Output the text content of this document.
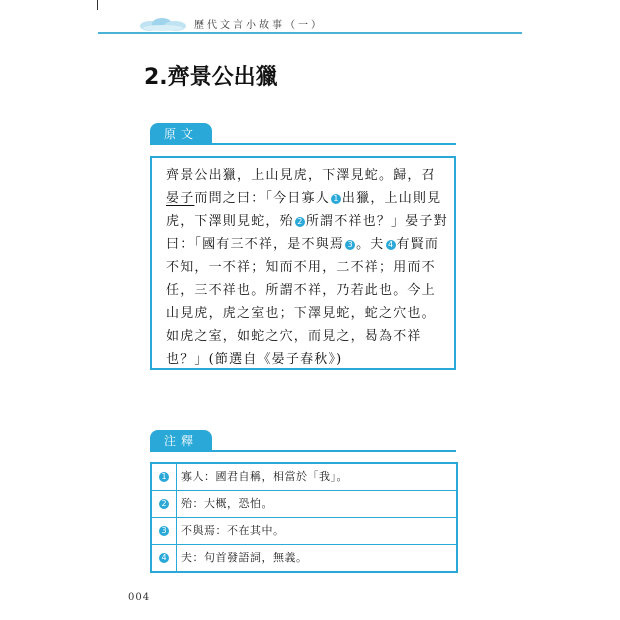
歷代文言小故事（一）
2.齊景公出獵
原文
齊景公出獵，上山見虎，下澤見蛇。歸，召晏子而問之曰：「今日寡人 1 出獵，上山則見虎，下澤則見蛇，殆 2 所謂不祥也？」晏子對曰：「國有三不祥，是不與焉 3 。夫 4 有賢而不知，一不祥；知而不用，二不祥；用而不任，三不祥也。所謂不祥，乃若此也。今上山見虎，虎之室也；下澤見蛇，蛇之穴也。如虎之室，如蛇之穴，而見之，曷為不祥也？」(節選自《晏子春秋》)
注釋
1	寡人：國君自稱，相當於「我」。
2	殆：大概，恐怕。
3	不與焉：不在其中。
4	夫：句首發語詞，無義。
004
